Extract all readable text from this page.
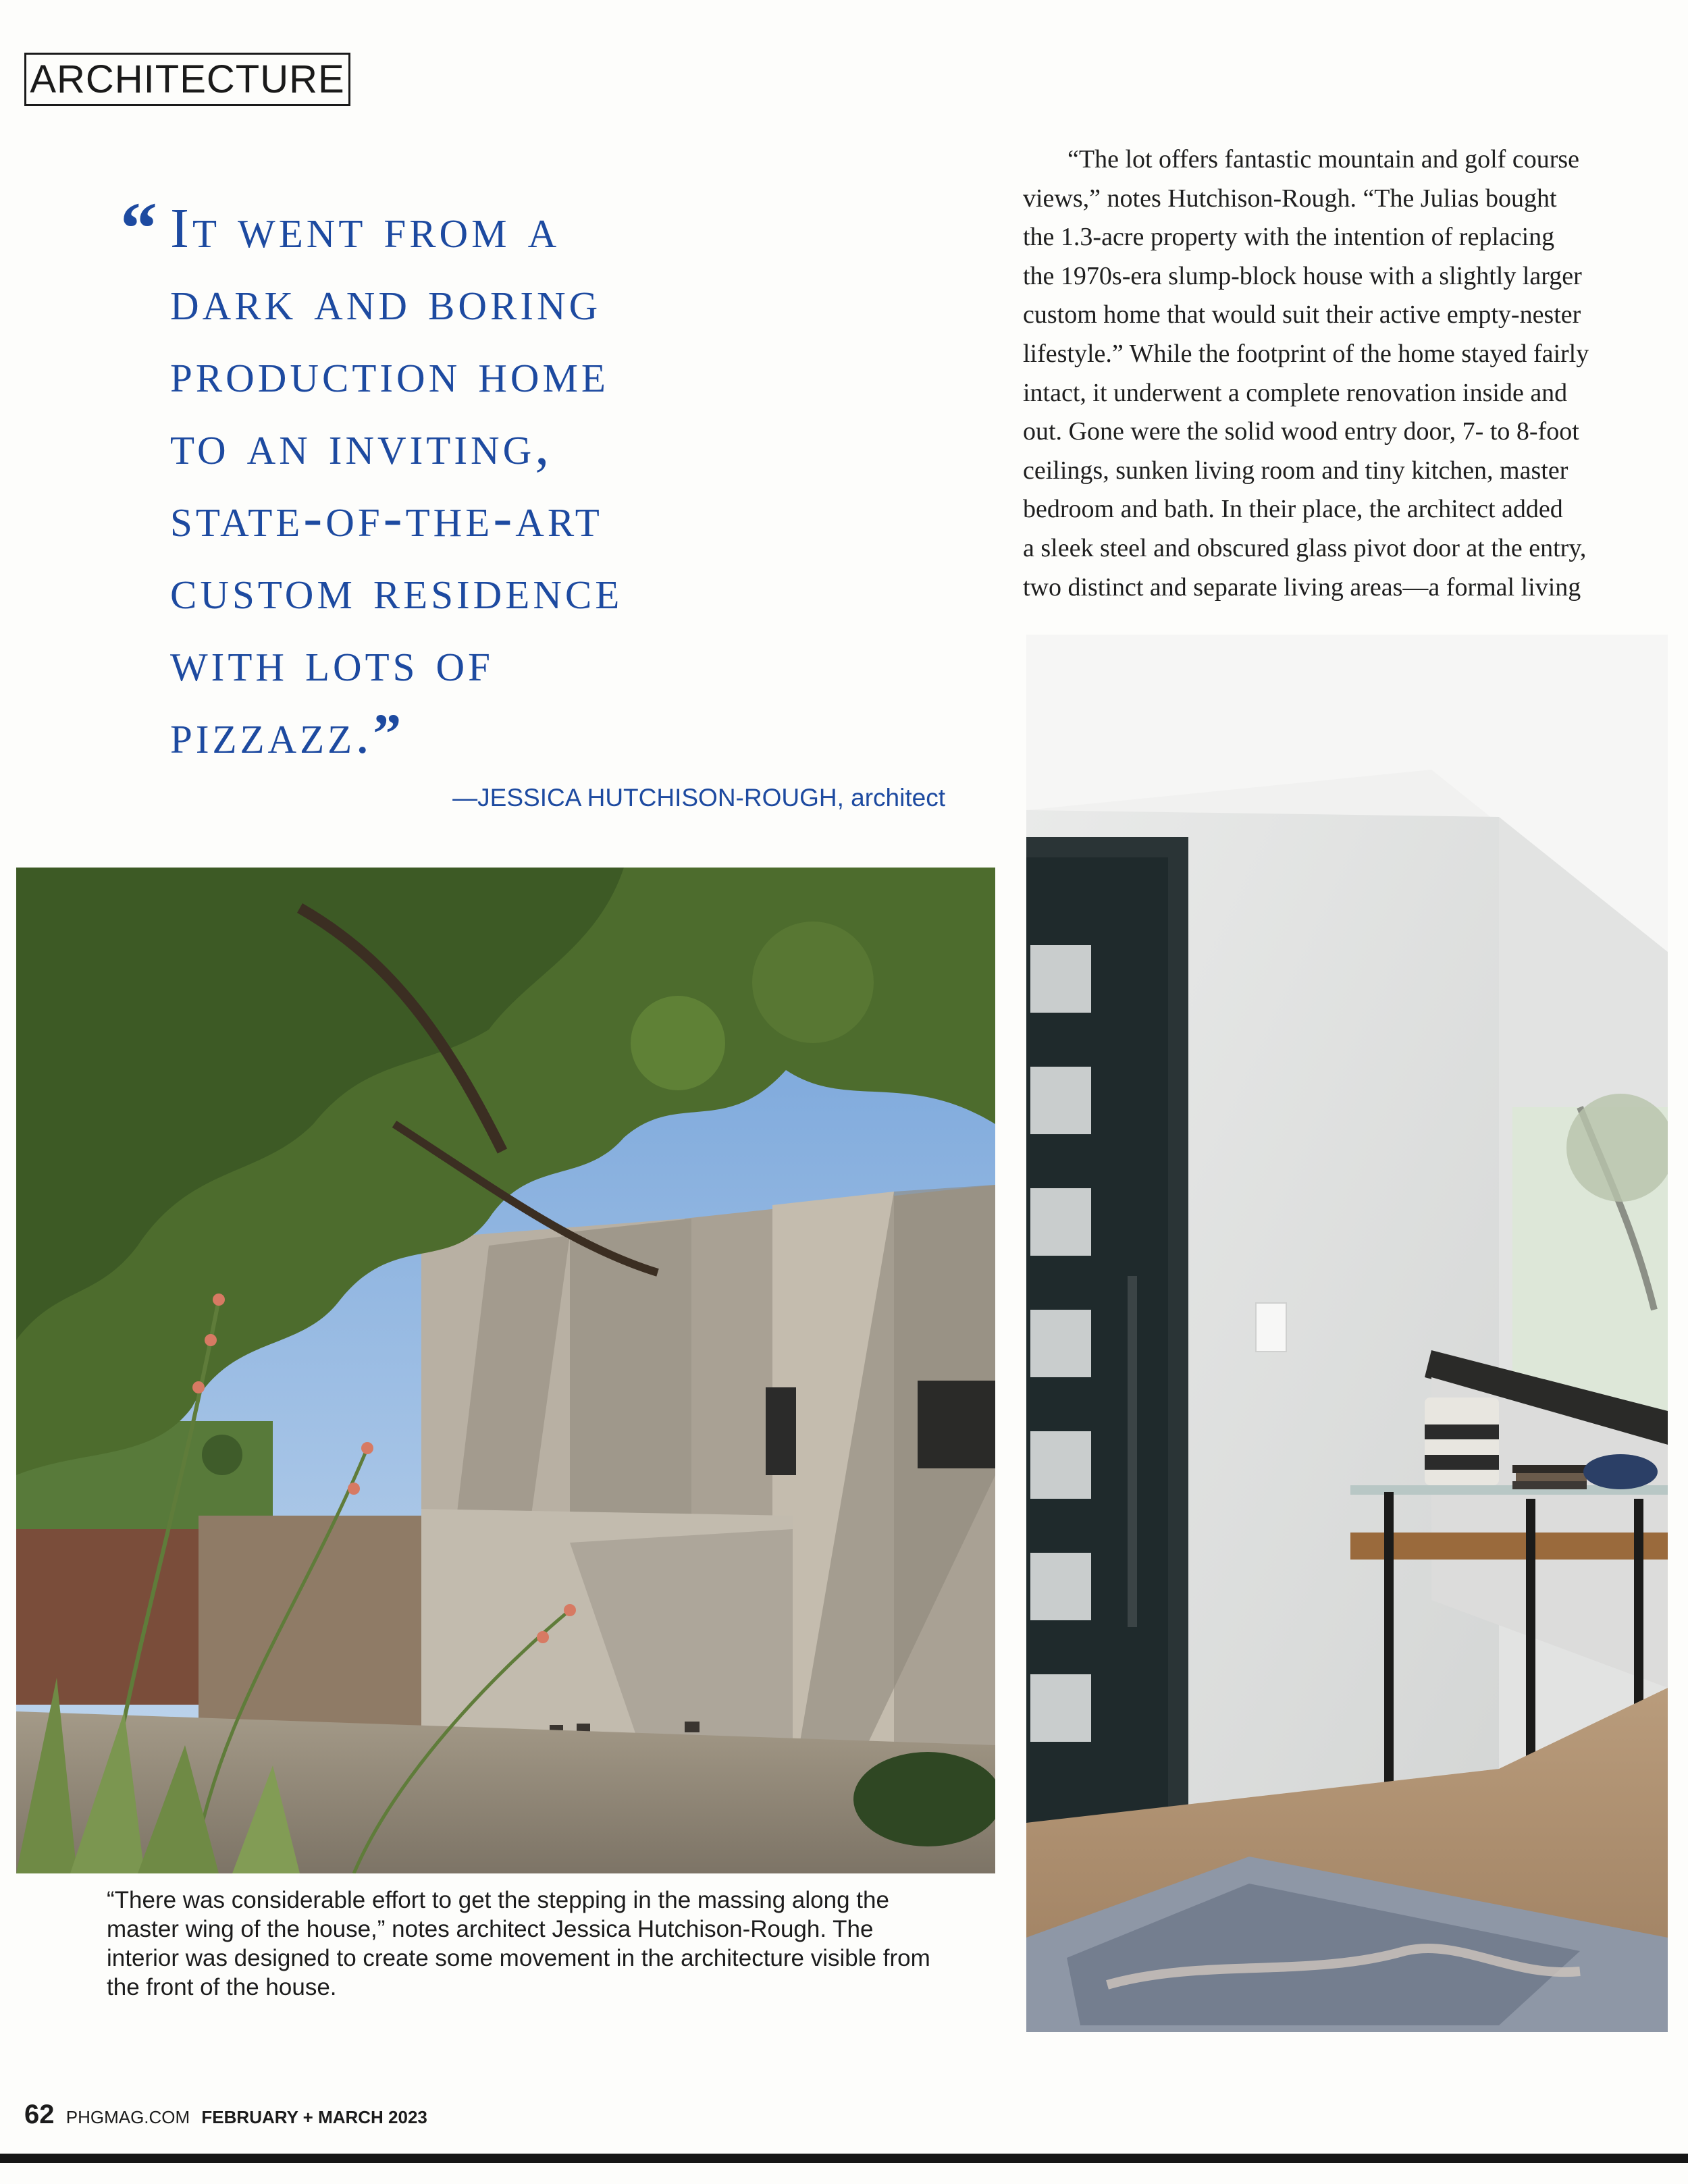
ARCHITECTURE
“ It went from a
dark and boring
production home
to an inviting,
state-of-the-art
custom residence
with lots of
pizzazz.”

—JESSICA HUTCHISON-ROUGH, architect
“The lot offers fantastic mountain and golf course
views,” notes Hutchison-Rough. “The Julias bought
the 1.3-acre property with the intention of replacing
the 1970s-era slump-block house with a slightly larger
custom home that would suit their active empty-nester
lifestyle.” While the footprint of the home stayed fairly
intact, it underwent a complete renovation inside and
out. Gone were the solid wood entry door, 7- to 8-foot
ceilings, sunken living room and tiny kitchen, master
bedroom and bath. In their place, the architect added
a sleek steel and obscured glass pivot door at the entry,
two distinct and separate living areas—a formal living
“There was considerable effort to get the stepping in the massing along the
master wing of the house,” notes architect Jessica Hutchison-Rough. The
interior was designed to create some movement in the architecture visible from
the front of the house.
62 PHGMAG.COM FEBRUARY + MARCH 2023
